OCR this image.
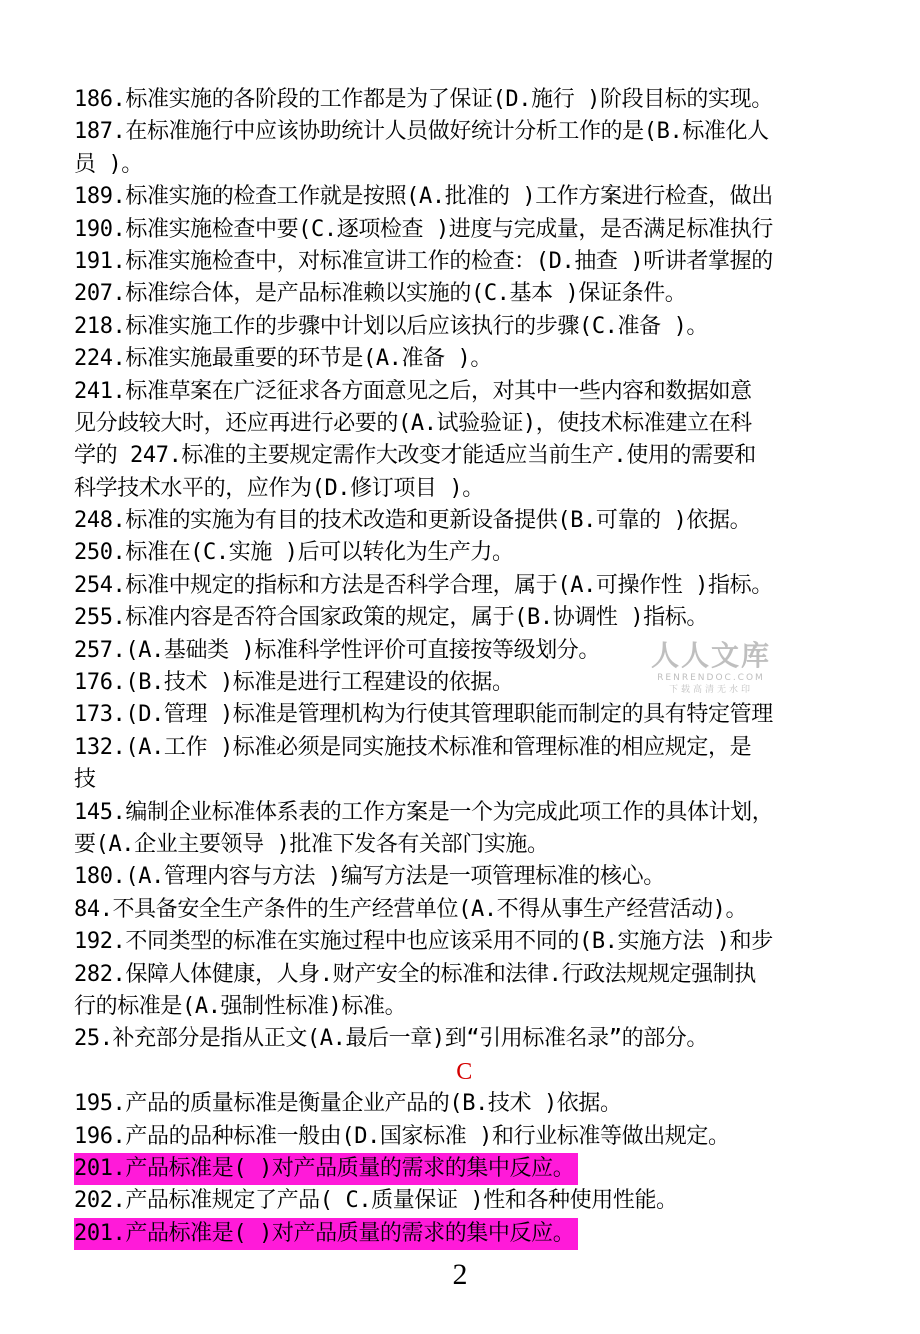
186.标准实施的各阶段的工作都是为了保证(D.施行 )阶段目标的实现。
187.在标准施行中应该协助统计人员做好统计分析工作的是(B.标准化人
员 )。
189.标准实施的检查工作就是按照(A.批准的 )工作方案进行检查，做出
190.标准实施检查中要(C.逐项检查 )进度与完成量，是否满足标准执行
191.标准实施检查中，对标准宣讲工作的检查：(D.抽查 )听讲者掌握的
207.标准综合体，是产品标准赖以实施的(C.基本 )保证条件。
218.标准实施工作的步骤中计划以后应该执行的步骤(C.准备 )。
224.标准实施最重要的环节是(A.准备 )。
241.标准草案在广泛征求各方面意见之后，对其中一些内容和数据如意
见分歧较大时，还应再进行必要的(A.试验验证)，使技术标准建立在科
学的 247.标准的主要规定需作大改变才能适应当前生产.使用的需要和
科学技术水平的，应作为(D.修订项目 )。
248.标准的实施为有目的技术改造和更新设备提供(B.可靠的 )依据。
250.标准在(C.实施 )后可以转化为生产力。
254.标准中规定的指标和方法是否科学合理，属于(A.可操作性 )指标。
255.标准内容是否符合国家政策的规定，属于(B.协调性 )指标。
257.(A.基础类 )标准科学性评价可直接按等级划分。
176.(B.技术 )标准是进行工程建设的依据。
173.(D.管理 )标准是管理机构为行使其管理职能而制定的具有特定管理
132.(A.工作 )标准必须是同实施技术标准和管理标准的相应规定，是
技
145.编制企业标准体系表的工作方案是一个为完成此项工作的具体计划，
要(A.企业主要领导 )批准下发各有关部门实施。
180.(A.管理内容与方法 )编写方法是一项管理标准的核心。
84.不具备安全生产条件的生产经营单位(A.不得从事生产经营活动)。
192.不同类型的标准在实施过程中也应该采用不同的(B.实施方法 )和步
282.保障人体健康，人身.财产安全的标准和法律.行政法规规定强制执
行的标准是(A.强制性标准)标准。
25.补充部分是指从正文(A.最后一章)到“引用标准名录”的部分。
C
195.产品的质量标准是衡量企业产品的(B.技术 )依据。
196.产品的品种标准一般由(D.国家标准 )和行业标准等做出规定。
201.产品标准是( )对产品质量的需求的集中反应。
202.产品标准规定了产品( C.质量保证 )性和各种使用性能。
201.产品标准是( )对产品质量的需求的集中反应。
人人文库
RENRENDOC.COM
下载高清无水印
2
